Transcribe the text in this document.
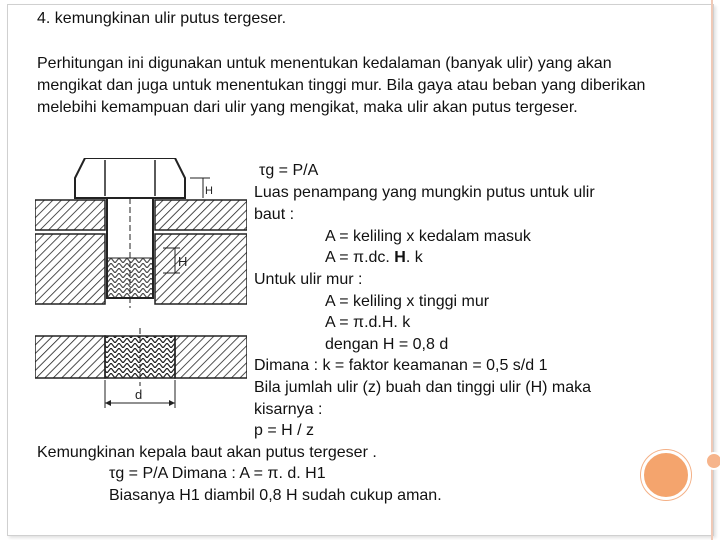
4. kemungkinan ulir putus tergeser.

Perhitungan ini digunakan untuk menentukan kedalaman (banyak ulir) yang akan mengikat dan juga untuk menentukan tinggi mur. Bila gaya atau beban yang diberikan melebihi kemampuan dari ulir yang mengikat, maka ulir akan putus tergeser.

H
H
d

τg = P/A

Luas penampang yang mungkin putus untuk ulir

baut :

A = keliling x kedalam masuk

A = π.dc. H. k

Untuk ulir mur :

A = keliling x tinggi mur

A = π.d.H. k

dengan H = 0,8 d

Dimana : k = faktor keamanan = 0,5 s/d 1

Bila jumlah ulir (z) buah dan tinggi ulir (H) maka

kisarnya :

p = H / z

Kemungkinan kepala baut akan putus tergeser .

τg = P/A Dimana : A = π. d. H1

Biasanya H1 diambil 0,8 H sudah cukup aman.
